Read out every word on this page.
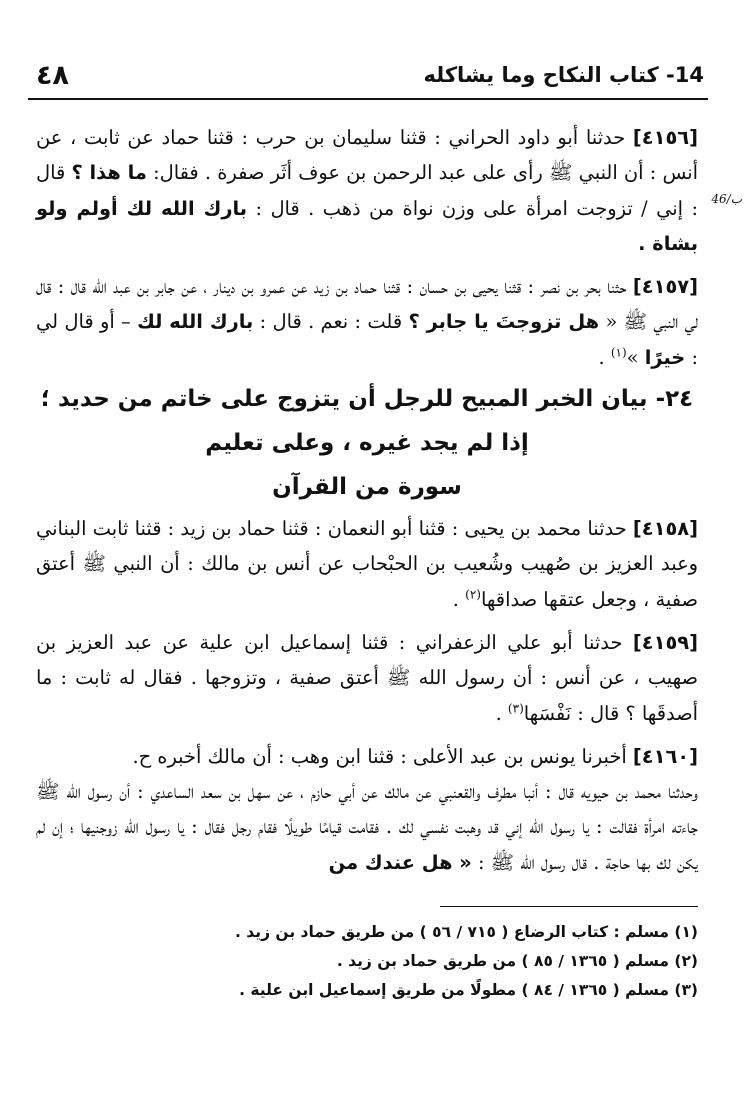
٤٨	14- كتاب النكاح وما يشاكله
46/ب

[٤١٥٦] حدثنا أبو داود الحراني : قثنا سليمان بن حرب : قثنا حماد عن ثابت ، عن أنس : أن النبي ﷺ رأى على عبد الرحمن بن عوف أثَر صفرة . فقال: ما هذا ؟ قال : إني / تزوجت امرأة على وزن نواة من ذهب . قال : بارك الله لك أولم ولو بشاة .

[٤١٥٧] حثنا بحر بن نصر : قثنا يحيى بن حسان : قثنا حماد بن زيد عن عمرو بن دينار ، عن جابر بن عبد الله قال : قال لي النبي ﷺ « هل تزوجتَ يا جابر ؟ قلت : نعم . قال : بارك الله لك – أو قال لي : خيرًا »$^{(١)}$ .

٢٤- بيان الخبر المبيح للرجل أن يتزوج على خاتم من حديد ؛
إذا لم يجد غيره ، وعلى تعليم
سورة من القرآن

[٤١٥٨] حدثنا محمد بن يحيى : قثنا أبو النعمان : قثنا حماد بن زيد : قثنا ثابت البناني وعبد العزيز بن صُهيب وشُعيب بن الحبْحاب عن أنس بن مالك : أن النبي ﷺ أعتق صفية ، وجعل عتقها صداقها$^{(٢)}$ .

[٤١٥٩] حدثنا أبو علي الزعفراني : قثنا إسماعيل ابن علية عن عبد العزيز بن صهيب ، عن أنس : أن رسول الله ﷺ أعتق صفية ، وتزوجها . فقال له ثابت : ما أصدقَها ؟ قال : نَفْسَها$^{(٣)}$ .

[٤١٦٠] أخبرنا يونس بن عبد الأعلى : قثنا ابن وهب : أن مالك أخبره ح.

وحدثنا محمد بن حيويه قال : أنبا مطرف والقعنبي عن مالك عن أبي حازم ، عن سهل بن سعد الساعدي : أن رسول الله ﷺ جاءته امرأة فقالت : يا رسول الله إني قد وهبت نفسي لك . فقامت قيامًا طويلًا فقام رجل فقال : يا رسول الله زوجنيها ؛ إن لم يكن لك بها حاجة . قال رسول الله ﷺ : « هل عندك من

(١) مسلم : كتاب الرضاع ( ٧١٥ / ٥٦ ) من طريق حماد بن زيد .
(٢) مسلم ( ١٣٦٥ / ٨٥ ) من طريق حماد بن زيد .
(٣) مسلم ( ١٣٦٥ / ٨٤ ) مطولًا من طريق إسماعيل ابن علية .
